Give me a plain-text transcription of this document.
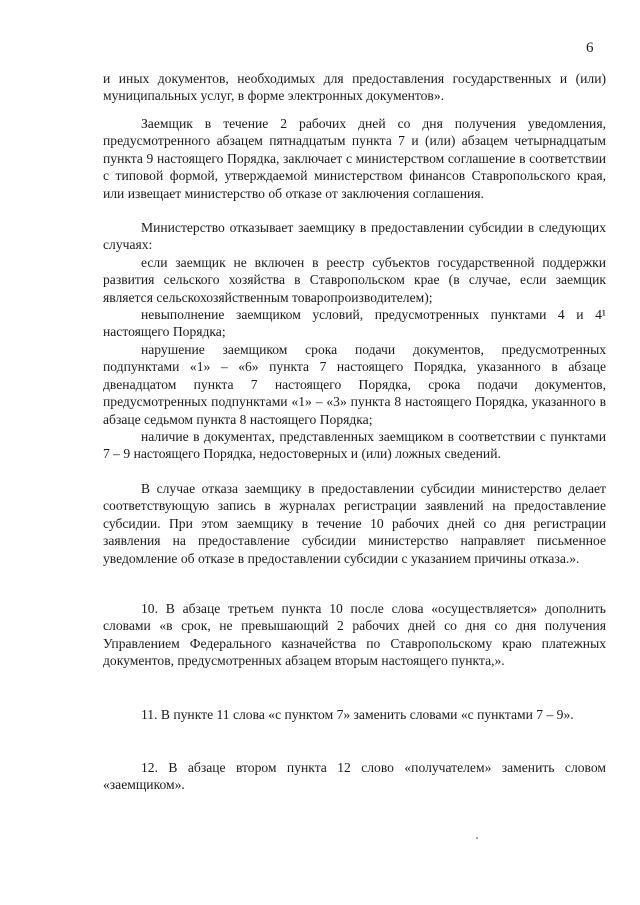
6

и иных документов, необходимых для предоставления государственных и (или) муниципальных услуг, в форме электронных документов».

Заемщик в течение 2 рабочих дней со дня получения уведомления, предусмотренного абзацем пятнадцатым пункта 7 и (или) абзацем четырнадцатым пункта 9 настоящего Порядка, заключает с министерством соглашение в соответствии с типовой формой, утверждаемой министерством финансов Ставропольского края, или извещает министерство об отказе от заключения соглашения.

Министерство отказывает заемщику в предоставлении субсидии в следующих случаях:

если заемщик не включен в реестр субъектов государственной поддержки развития сельского хозяйства в Ставропольском крае (в случае, если заемщик является сельскохозяйственным товаропроизводителем);

невыполнение заемщиком условий, предусмотренных пунктами 4 и 4¹ настоящего Порядка;

нарушение заемщиком срока подачи документов, предусмотренных подпунктами «1» – «6» пункта 7 настоящего Порядка, указанного в абзаце двенадцатом пункта 7 настоящего Порядка, срока подачи документов, предусмотренных подпунктами «1» – «3» пункта 8 настоящего Порядка, указанного в абзаце седьмом пункта 8 настоящего Порядка;

наличие в документах, представленных заемщиком в соответствии с пунктами 7 – 9 настоящего Порядка, недостоверных и (или) ложных сведений.

В случае отказа заемщику в предоставлении субсидии министерство делает соответствующую запись в журналах регистрации заявлений на предоставление субсидии. При этом заемщику в течение 10 рабочих дней со дня регистрации заявления на предоставление субсидии министерство направляет письменное уведомление об отказе в предоставлении субсидии с указанием причины отказа.».

10. В абзаце третьем пункта 10 после слова «осуществляется» дополнить словами «в срок, не превышающий 2 рабочих дней со дня со дня получения Управлением Федерального казначейства по Ставропольскому краю платежных документов, предусмотренных абзацем вторым настоящего пункта,».

11. В пункте 11 слова «с пунктом 7» заменить словами «с пунктами 7 – 9».

12. В абзаце втором пункта 12 слово «получателем» заменить словом «заемщиком».
